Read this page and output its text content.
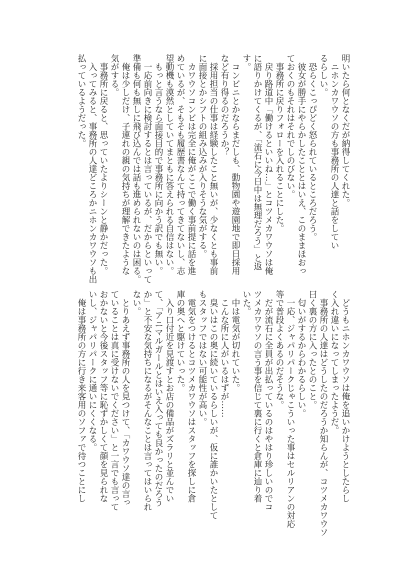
明いたら何となくだが納得してくれた。
　ニホンカワウソの方も事務所の人達と話をしてい
るらしい。
　恐らくこっぴどく怒られているところだろう。
　彼女が勝手にやらかしたこととはいえ、このままほおっ
ておくのもそれはそれでしのびない。
　事務所に戻りフォローを入れることにした。
　戻り路道中「働けるといいね…」とコツメカワウソは俺
に語りかけてくるが、「流石に今日中は無理だろう」と返
す。
　コンビニとかならまだしも、動物園や遊園地で即日採用
など有り得るのだろうか？
　採用担当の仕事は経験したこと無いが、少なくとも事前
に面接とかシフトの組み込みが入りそうな気がする。
　カワウソコンビは完全に俺がここで働く事前提に話を進
めているが、そもそも履歴書なんて持ってきてないし、志
望動機も漠然としていてまともに答えられる自信はない。
　もっと言うなら面接目的で事務所に向かう訳でも無い。
　一応前向きに検討するとは言っているが、だからといって
準備も何も無しに飛び込んでは話も進められないのは困る。
　俺は少しだけ、子連れの親の気持ちが理解できたような
気がする。
　事務所に戻ると、思っていたよりシーンと静かだった。
　入ってみると、事務所の人達どころかニホンカワウソも出
払っているようだった。
　どうもニホンカワウソは俺を追いかけようとしたらし
く入れ違いになってしまったようだ。
　事務所の人達はどうしたのだろうか知らんが、コツメカワウソ
曰く裏の方に入ったとのこと。
　匂いがするからわかるらしい。
　一応、ジャパリパークじゃこういった事はセルリアンの対応
等で普段よくあるのだそうな。
　だが流石に全員が出払っているのはやはり珍しいのでコ
ツメカワウソの言う事を信じて裏に行くと倉庫に辿り着
いた。
　中は電気が切れていた。
　こんな所に人がいるはずが……
　臭いはこの奥に続いているらしいが、仮に誰かいたとして
もスタッフではない可能性が高い。
　電気をつけるとコツメカワウソはスタッフを探しに倉
庫の奥へと駆けていった。
　入り口付近を見渡すとお店の備品がズラリと並んでい
て、「アニマルガールとはいえ入っても良かったのだろう
か」と不安な気持ちになるがそんなことは言ってはいられ
ない。
　とりあえず事務所の人を見つけて、「カワウソ達の言っ
ていることは真に受けないでください」と一言でも言って
おかないと今後スタッフ等に恥ずかしくて顔を見られな
いし、ジャパリパークに通いにくくなる。
　俺は事務所の方に行き来客用のソファで待つことにし
